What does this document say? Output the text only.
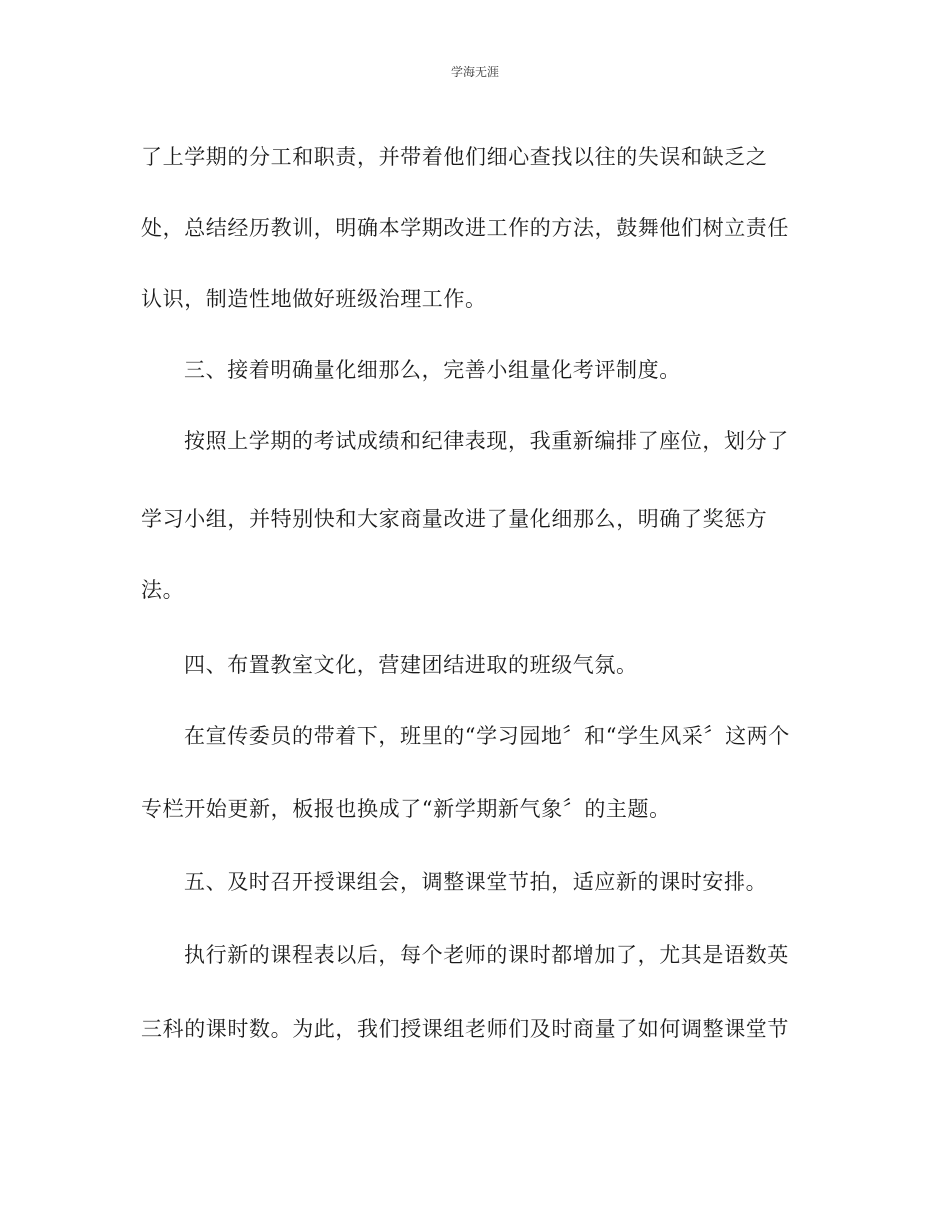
学海无涯
了上学期的分工和职责，并带着他们细心查找以往的失误和缺乏之
处，总结经历教训，明确本学期改进工作的方法，鼓舞他们树立责任
认识，制造性地做好班级治理工作。
三、接着明确量化细那么，完善小组量化考评制度。
按照上学期的考试成绩和纪律表现，我重新编排了座位，划分了
学习小组，并特别快和大家商量改进了量化细那么，明确了奖惩方
法。
四、布置教室文化，营建团结进取的班级气氛。
在宣传委员的带着下，班里的“学习园地〞和“学生风采〞这两个
专栏开始更新，板报也换成了“新学期新气象〞的主题。
五、及时召开授课组会，调整课堂节拍，适应新的课时安排。
执行新的课程表以后，每个老师的课时都增加了，尤其是语数英
三科的课时数。为此，我们授课组老师们及时商量了如何调整课堂节
